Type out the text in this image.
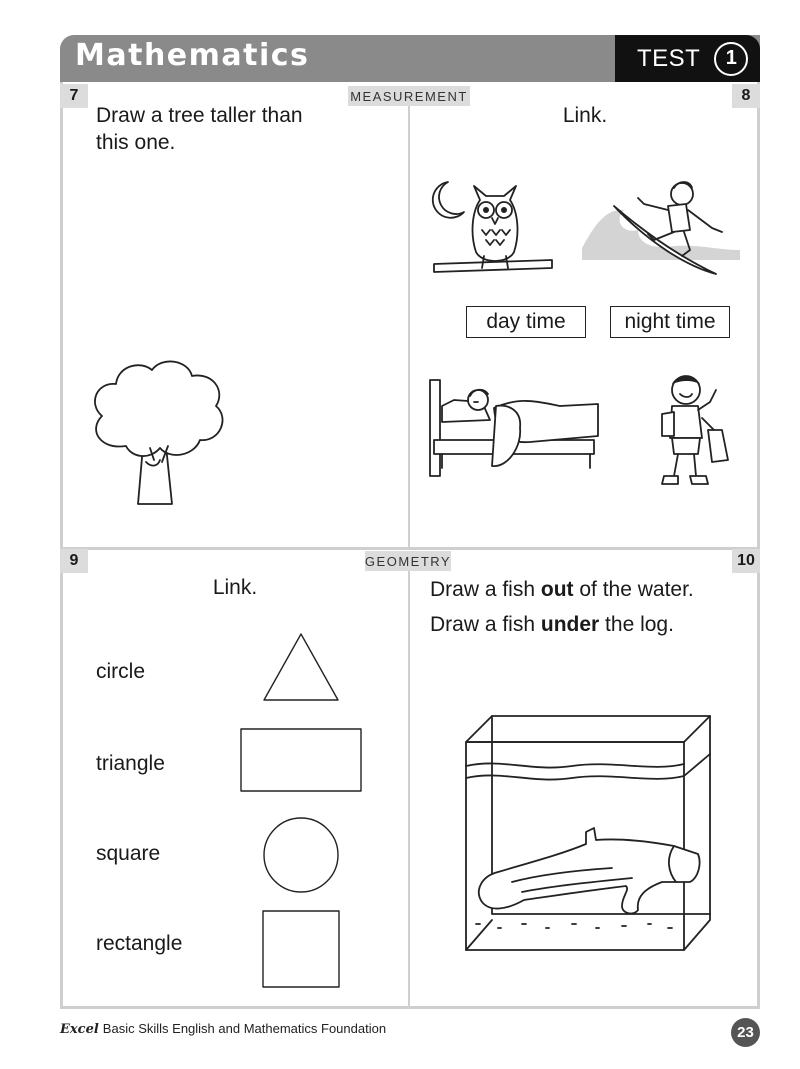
Mathematics	TEST	1
7	8
MEASUREMENT
9	10
GEOMETRY
Draw a tree taller than
this one.
Link.
day time	night time
Link.
circle
triangle
square
rectangle
Draw a fish out of the water.
Draw a fish under the log.
Excel Basic Skills English and Mathematics Foundation	23
